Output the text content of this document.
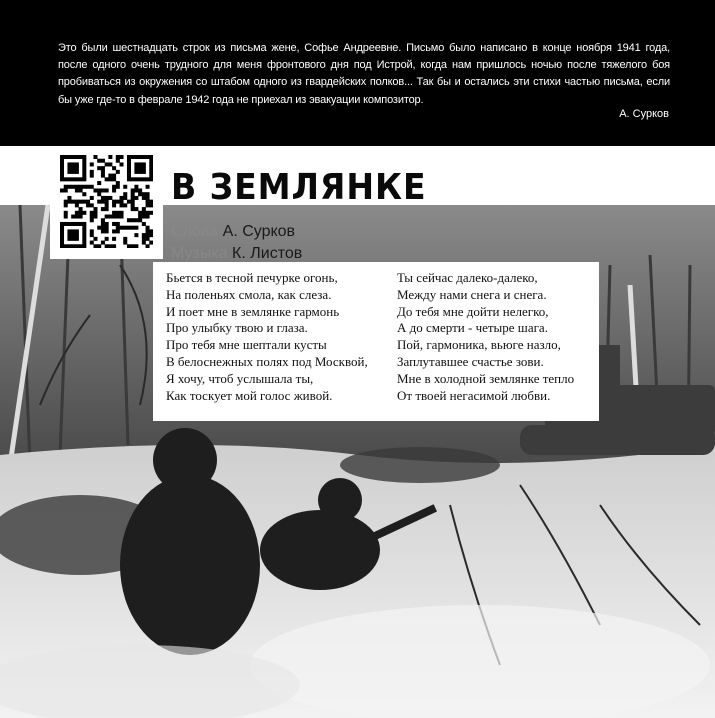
Это были шестнадцать строк из письма жене, Софье Андреевне. Письмо было написано в конце ноября 1941 года, после одного очень трудного для меня фронтового дня под Истрой, когда нам пришлось ночью после тяжелого боя пробиваться из окружения со штабом одного из гвардейских полков... Так бы и остались эти стихи частью письма, если бы уже где-то в феврале 1942 года не приехал из эвакуации композитор.
А. Сурков
В ЗЕМЛЯНКЕ
Слова А. Сурков
Музыка К. Листов
Бьется в тесной печурке огонь,
На поленьях смола, как слеза.
И поет мне в землянке гармонь
Про улыбку твою и глаза.
Про тебя мне шептали кусты
В белоснежных полях под Москвой,
Я хочу, чтоб услышала ты,
Как тоскует мой голос живой.
Ты сейчас далеко-далеко,
Между нами снега и снега.
До тебя мне дойти нелегко,
А до смерти - четыре шага.
Пой, гармоника, вьюге назло,
Заплутавшее счастье зови.
Мне в холодной землянке тепло
От твоей негасимой любви.
